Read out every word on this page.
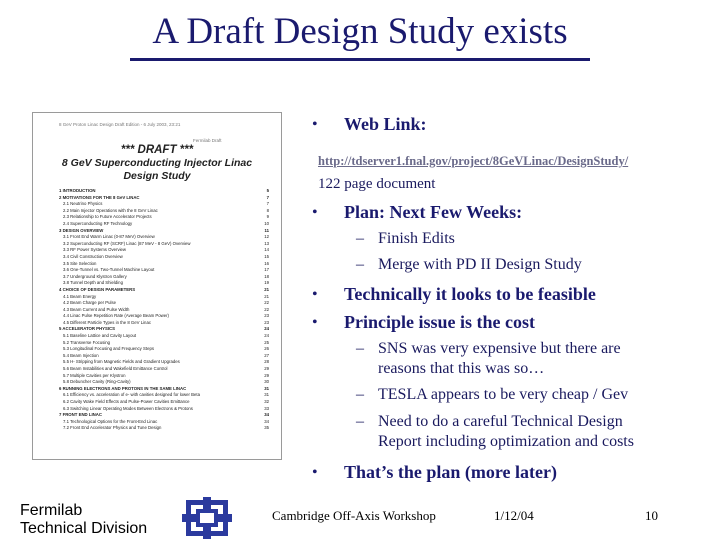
A Draft Design Study exists
8 GeV Proton Linac Design Draft Edition - 6 July 2003, 23:21
Fermilab Draft
*** DRAFT ***
8 GeV Superconducting Injector Linac
Design Study
1 INTRODUCTION	5
2 MOTIVATIONS FOR THE 8 GeV LINAC	7
2.1 Neutrino Physics	7
2.2 Main Injector Operations with the 8 GeV Linac	8
2.3 Relationship to Future Accelerator Projects	9
2.4 Superconducting RF Technology	10
3 DESIGN OVERVIEW	11
3.1 Front End Warm Linac (0-87 MeV) Overview	12
3.2 Superconducting RF (SCRF) Linac (87 MeV - 8 GeV) Overview	13
3.3 RF Power Systems Overview	14
3.4 Civil Construction Overview	15
3.5 Site Selection	16
3.6 One-Tunnel vs. Two-Tunnel Machine Layout	17
3.7 Underground Klystron Gallery	18
3.8 Tunnel Depth and Shielding	19
4 CHOICE OF DESIGN PARAMETERS	21
4.1 Beam Energy	21
4.2 Beam Charge per Pulse	22
4.3 Beam Current and Pulse Width	22
4.4 Linac Pulse Repetition Rate (Average Beam Power)	23
4.5 Different Particle Types in the 8 GeV Linac	23
5 ACCELERATOR PHYSICS	24
5.1 Baseline Lattice and Cavity Layout	24
5.2 Transverse Focusing	25
5.3 Longitudinal Focusing and Frequency Steps	26
5.4 Beam Injection	27
5.5 H- Stripping from Magnetic Fields and Gradient Upgrades	28
5.6 Beam Instabilities and Wakefield Emittance Control	29
5.7 Multiple Cavities per Klystron	29
5.8 Debuncher Cavity (Ring-Cavity)	30
6 RUNNING ELECTRONS AND PROTONS IN THE SAME LINAC	31
6.1 Efficiency vs. acceleration of e- with cavities designed for lower Beta	31
6.2 Cavity Wake Field Effects and Pulse-Power Cavities Emittance	32
6.3 Switching Linear Operating Modes Between Electrons & Protons	33
7 FRONT END LINAC	34
7.1 Technological Options for the Front-End Linac	34
7.2 Front End Accelerator Physics and Tune Design	35
• Web Link:
http://tdserver1.fnal.gov/project/8GeVLinac/DesignStudy/
122 page document
• Plan: Next Few Weeks:
– Finish Edits
– Merge with PD II Design Study
• Technically it looks to be feasible
• Principle issue is the cost
– SNS was very expensive but there are
reasons that this was so…
– TESLA appears to be very cheap / Gev
– Need to do a careful Technical Design
Report including optimization and costs
• That’s the plan (more later)
Fermilab
Technical Division
Cambridge Off-Axis Workshop	1/12/04	10
